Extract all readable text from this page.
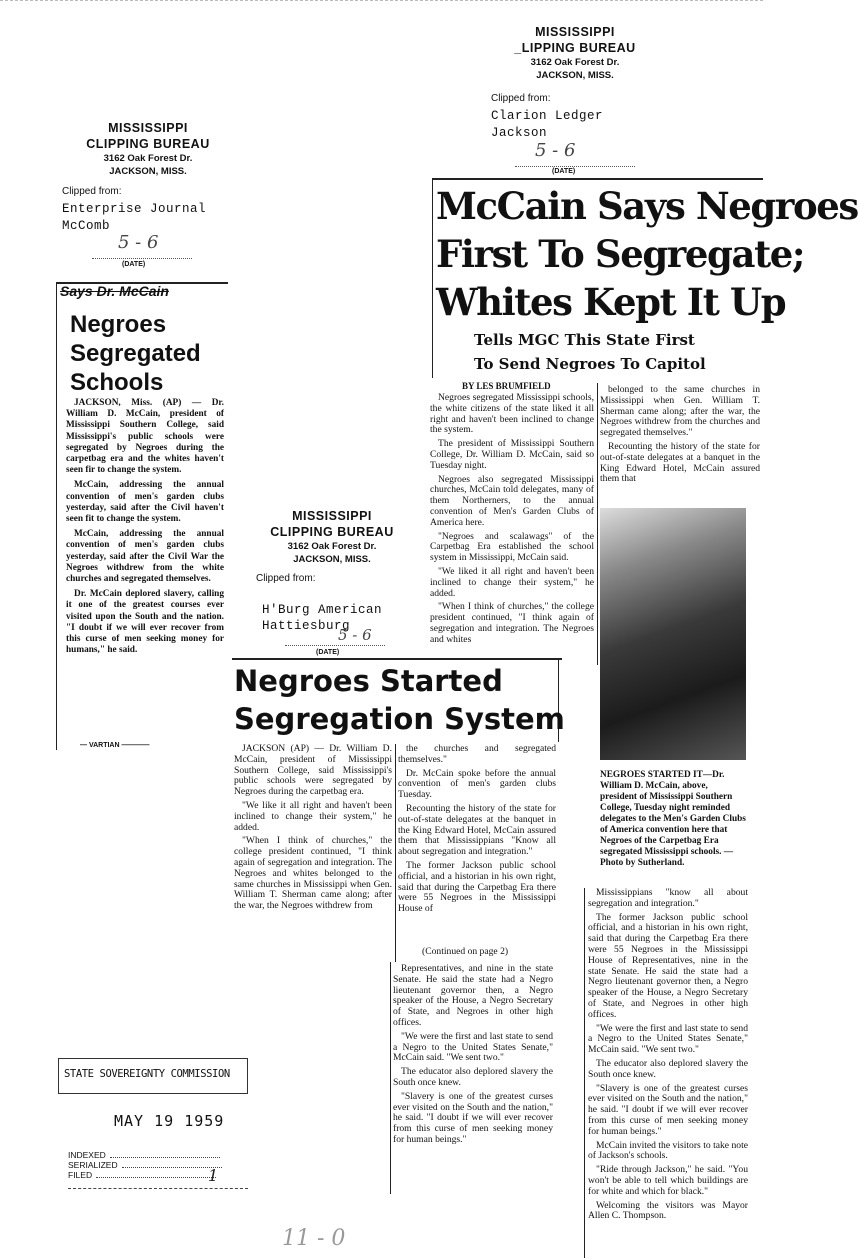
MISSISSIPPI
_LIPPING BUREAU
3162 Oak Forest Dr.
JACKSON, MISS.
Clipped from:
Clarion Ledger
Jackson
5 - 6
(DATE)
MISSISSIPPI
CLIPPING BUREAU
3162 Oak Forest Dr.
JACKSON, MISS.
Clipped from:
Enterprise Journal
McComb
5 - 6
(DATE)
Says Dr. McCain
Negroes
Segregated
Schools

JACKSON, Miss. (AP) — Dr. William D. McCain, president of Mississippi Southern College, said Mississippi's public schools were segregated by Negroes during the carpetbag era and the whites haven't seen fir to change the system.

McCain, addressing the annual convention of men's garden clubs yesterday, said after the Civil haven't seen fit to change the system.

McCain, addressing the annual convention of men's garden clubs yesterday, said after the Civil War the Negroes withdrew from the white churches and segregated themselves.

Dr. McCain deplored slavery, calling it one of the greatest courses ever visited upon the South and the nation. "I doubt if we will ever recover from this curse of men seeking money for humans," he said.

— VARTIAN ————
McCain Says Negroes
First To Segregate;
Whites Kept It Up
Tells MGC This State First
To Send Negroes To Capitol
BY LES BRUMFIELD

Negroes segregated Mississippi schools, the white citizens of the state liked it all right and haven't been inclined to change the system.

The president of Mississippi Southern College, Dr. William D. McCain, said so Tuesday night.

Negroes also segregated Mississippi churches, McCain told delegates, many of them Northerners, to the annual convention of Men's Garden Clubs of America here.

"Negroes and scalawags" of the Carpetbag Era established the school system in Mississippi, McCain said.

"We liked it all right and haven't been inclined to change their system," he added.

"When I think of churches," the college president continued, "I think again of segregation and integration. The Negroes and whites

belonged to the same churches in Mississippi when Gen. William T. Sherman came along; after the war, the Negroes withdrew from the churches and segregated themselves."

Recounting the history of the state for out-of-state delegates at a banquet in the King Edward Hotel, McCain assured them that

NEGROES STARTED IT—Dr. William D. McCain, above, president of Mississippi Southern College, Tuesday night reminded delegates to the Men's Garden Clubs of America convention here that Negroes of the Carpetbag Era segregated Mississippi schools. —Photo by Sutherland.

Mississippians "know all about segregation and integration."

The former Jackson public school official, and a historian in his own right, said that during the Carpetbag Era there were 55 Negroes in the Mississippi House of Representatives, nine in the state Senate. He said the state had a Negro lieutenant governor then, a Negro speaker of the House, a Negro Secretary of State, and Negroes in other high offices.

"We were the first and last state to send a Negro to the United States Senate," McCain said. "We sent two."

The educator also deplored slavery the South once knew.

"Slavery is one of the greatest curses ever visited on the South and the nation," he said. "I doubt if we will ever recover from this curse of men seeking money for human beings."

McCain invited the visitors to take note of Jackson's schools.

"Ride through Jackson," he said. "You won't be able to tell which buildings are for white and which for black."

Welcoming the visitors was Mayor Allen C. Thompson.

MISSISSIPPI
CLIPPING BUREAU
3162 Oak Forest Dr.
JACKSON, MISS.
Clipped from:
H'Burg American
Hattiesburg
5 - 6
(DATE)
Negroes Started
Segregation System

JACKSON (AP) — Dr. William D. McCain, president of Mississippi Southern College, said Mississippi's public schools were segregated by Negroes during the carpetbag era.

"We like it all right and haven't been inclined to change their system," he added.

"When I think of churches," the college president continued, "I think again of segregation and integration. The Negroes and whites belonged to the same churches in Mississippi when Gen. William T. Sherman came along; after the war, the Negroes withdrew from

the churches and segregated themselves."

Dr. McCain spoke before the annual convention of men's garden clubs Tuesday.

Recounting the history of the state for out-of-state delegates at the banquet in the King Edward Hotel, McCain assured them that Mississippians "Know all about segregation and integration."

The former Jackson public school official, and a historian in his own right, said that during the Carpetbag Era there were 55 Negroes in the Mississippi House of

(Continued on page 2)

Representatives, and nine in the state Senate. He said the state had a Negro lieutenant governor then, a Negro speaker of the House, a Negro Secretary of State, and Negroes in other high offices.

"We were the first and last state to send a Negro to the United States Senate," McCain said. "We sent two."

The educator also deplored slavery the South once knew.

"Slavery is one of the greatest curses ever visited on the South and the nation," he said. "I doubt if we will ever recover from this curse of men seeking money for human beings."

STATE SOVEREIGNTY COMMISSION
MAY 19 1959
INDEXED
SERIALIZED
FILED	1
11 - 0
